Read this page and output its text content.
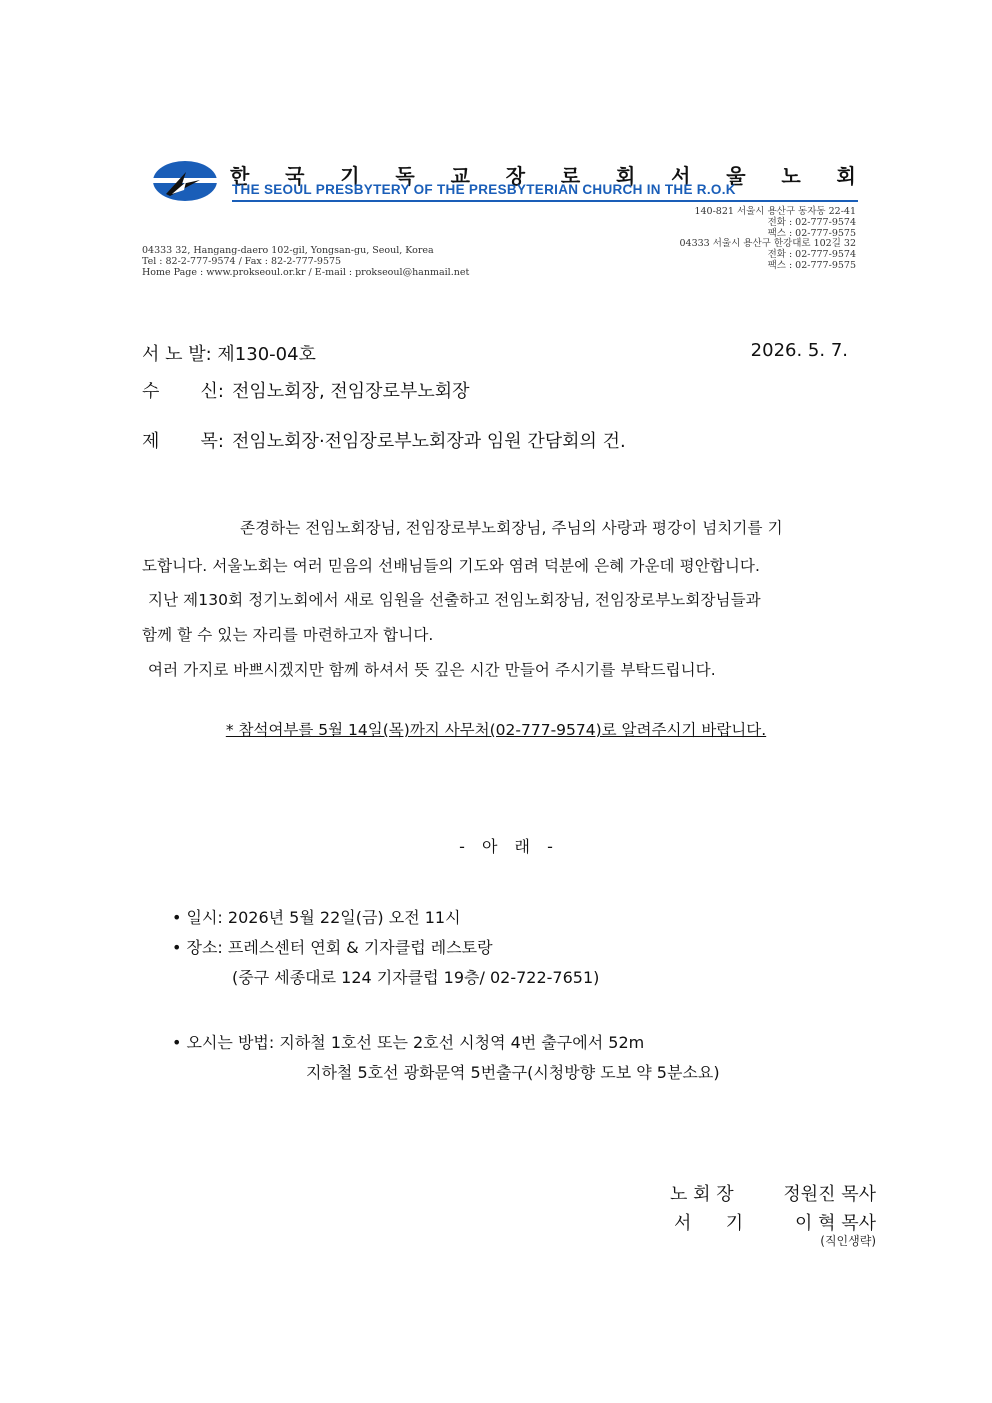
한 국 기 독 교 장 로 회 서 울 노 회
THE SEOUL PRESBYTERY OF THE PRESBYTERIAN CHURCH IN THE R.O.K
140-821 서울시 용산구 동자동 22-41
전화 : 02-777-9574
팩스 : 02-777-9575
04333 서울시 용산구 한강대로 102길 32
전화 : 02-777-9574
팩스 : 02-777-9575
04333 32, Hangang-daero 102-gil, Yongsan-gu, Seoul, Korea
Tel : 82-2-777-9574 / Fax : 82-2-777-9575
Home Page : www.prokseoul.or.kr / E-mail : prokseoul@hanmail.net
서 노 발: 제130-04호	2026. 5. 7.
수 신: 전임노회장, 전임장로부노회장
제 목: 전임노회장·전임장로부노회장과 임원 간담회의 건.
존경하는 전임노회장님, 전임장로부노회장님, 주님의 사랑과 평강이 넘치기를 기
도합니다. 서울노회는 여러 믿음의 선배님들의 기도와 염려 덕분에 은혜 가운데 평안합니다.
지난 제130회 정기노회에서 새로 임원을 선출하고 전임노회장님, 전임장로부노회장님들과
함께 할 수 있는 자리를 마련하고자 합니다.
여러 가지로 바쁘시겠지만 함께 하셔서 뜻 깊은 시간 만들어 주시기를 부탁드립니다.
* 참석여부를 5월 14일(목)까지 사무처(02-777-9574)로 알려주시기 바랍니다.
- 아 래 -
• 일시: 2026년 5월 22일(금) 오전 11시
• 장소: 프레스센터 연회 & 기자클럽 레스토랑
(중구 세종대로 124 기자클럽 19층/ 02-722-7651)
• 오시는 방법: 지하철 1호선 또는 2호선 시청역 4번 출구에서 52m
지하철 5호선 광화문역 5번출구(시청방향 도보 약 5분소요)
노 회 장	정원진 목사
서      기	이 혁 목사
(직인생략)
